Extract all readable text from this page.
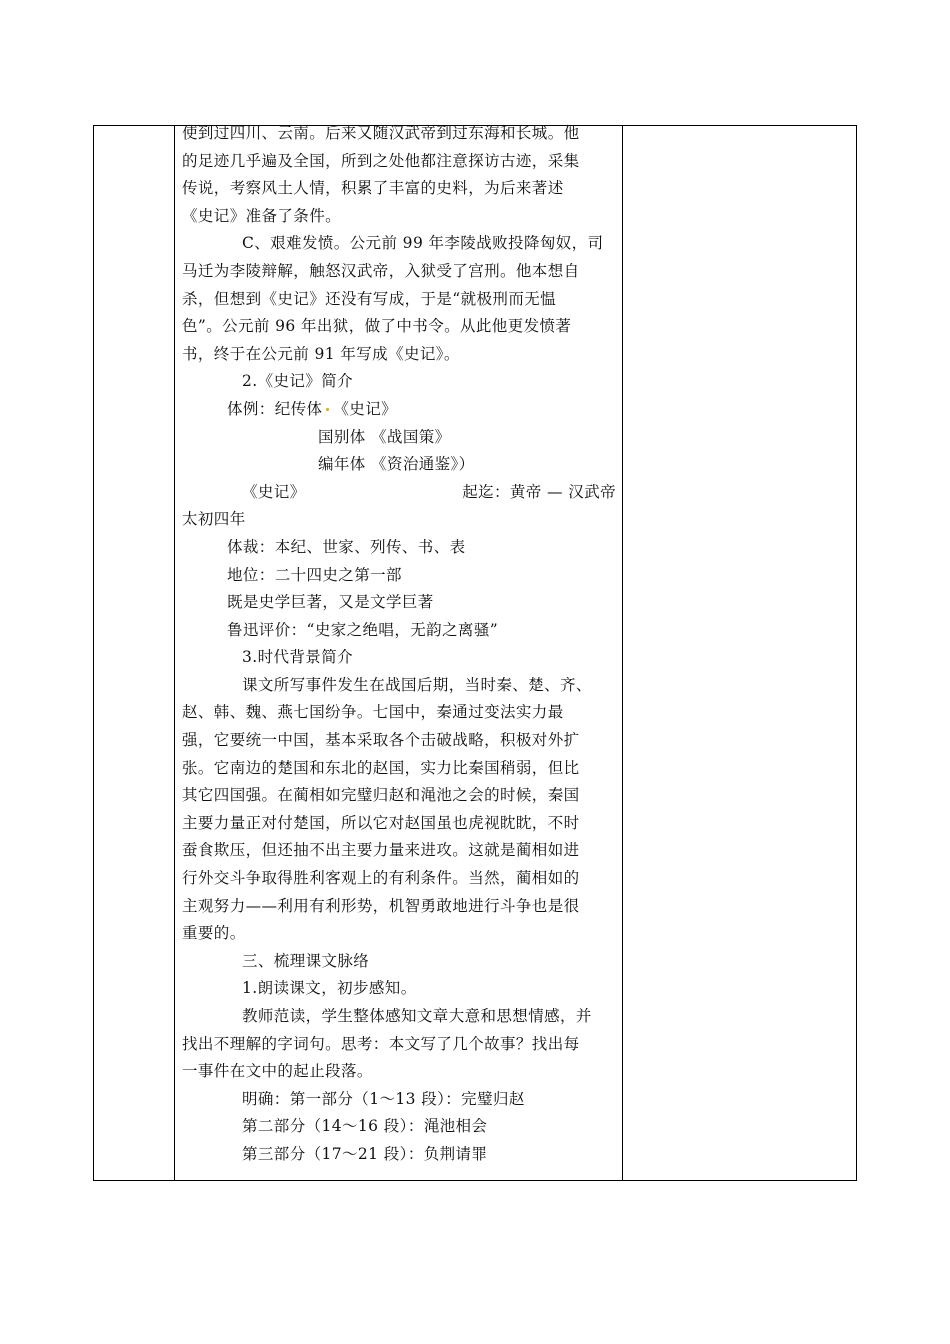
使到过四川、云南。后来又随汉武帝到过东海和长城。他
的足迹几乎遍及全国，所到之处他都注意探访古迹，采集
传说，考察风土人情，积累了丰富的史料，为后来著述
《史记》准备了条件。
C、艰难发愤。公元前 99 年李陵战败投降匈奴，司
马迁为李陵辩解，触怒汉武帝，入狱受了宫刑。他本想自
杀，但想到《史记》还没有写成，于是“就极刑而无愠
色”。公元前 96 年出狱，做了中书令。从此他更发愤著
书，终于在公元前 91 年写成《史记》。
2.《史记》简介
体例：纪传体 《史记》
国别体 《战国策》
编年体 《资治通鉴》）
《史记》	起迄：黄帝 — 汉武帝
太初四年
体裁：本纪、世家、列传、书、表
地位：二十四史之第一部
既是史学巨著，又是文学巨著
鲁迅评价：“史家之绝唱，无韵之离骚”
3.时代背景简介
课文所写事件发生在战国后期，当时秦、楚、齐、
赵、韩、魏、燕七国纷争。七国中，秦通过变法实力最
强，它要统一中国，基本采取各个击破战略，积极对外扩
张。它南边的楚国和东北的赵国，实力比秦国稍弱，但比
其它四国强。在蔺相如完璧归赵和渑池之会的时候，秦国
主要力量正对付楚国，所以它对赵国虽也虎视眈眈，不时
蚕食欺压，但还抽不出主要力量来进攻。这就是蔺相如进
行外交斗争取得胜利客观上的有利条件。当然，蔺相如的
主观努力——利用有利形势，机智勇敢地进行斗争也是很
重要的。
三、梳理课文脉络
1.朗读课文，初步感知。
教师范读，学生整体感知文章大意和思想情感，并
找出不理解的字词句。思考：本文写了几个故事？找出每
一事件在文中的起止段落。
明确：第一部分（1～13 段）：完璧归赵
第二部分（14～16 段）：渑池相会
第三部分（17～21 段）：负荆请罪
